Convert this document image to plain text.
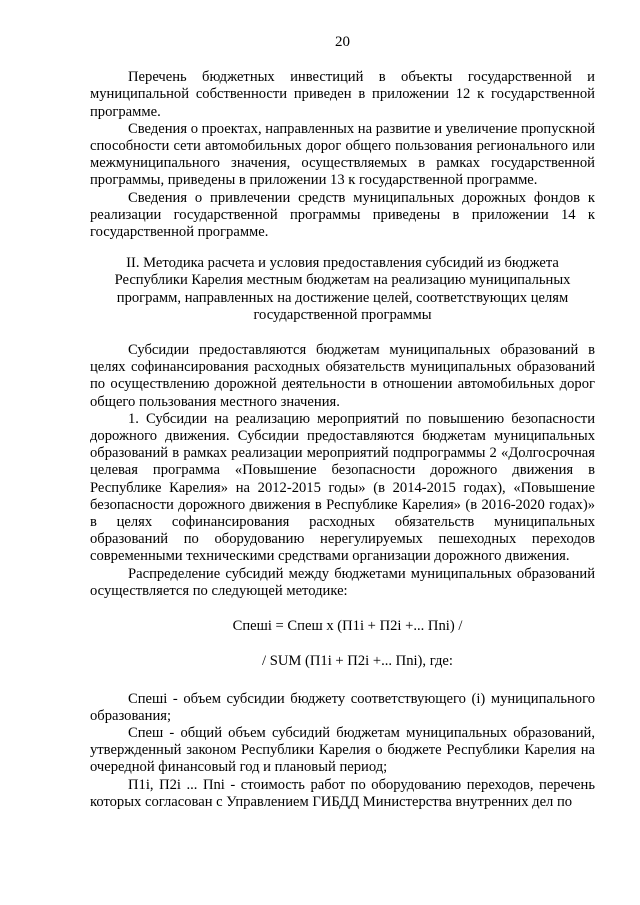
20

Перечень бюджетных инвестиций в объекты государственной и муниципальной собственности приведен в приложении 12 к государственной программе.

Сведения о проектах, направленных на развитие и увеличение пропускной способности сети автомобильных дорог общего пользования регионального или межмуниципального значения, осуществляемых в рамках государственной программы, приведены в приложении 13 к государственной программе.

Сведения о привлечении средств муниципальных дорожных фондов к реализации государственной программы приведены в приложении 14 к государственной программе.

II. Методика расчета и условия предоставления субсидий из бюджета
Республики Карелия местным бюджетам на реализацию муниципальных
программ, направленных на достижение целей, соответствующих целям
государственной программы

Субсидии предоставляются бюджетам муниципальных образований в целях софинансирования расходных обязательств муниципальных образований по осуществлению дорожной деятельности в отношении автомобильных дорог общего пользования местного значения.

1. Субсидии на реализацию мероприятий по повышению безопасности дорожного движения. Субсидии предоставляются бюджетам муниципальных образований в рамках реализации мероприятий подпрограммы 2 «Долгосрочная целевая программа «Повышение безопасности дорожного движения в Республике Карелия» на 2012-2015 годы» (в 2014-2015 годах), «Повышение безопасности дорожного движения в Республике Карелия» (в 2016-2020 годах)» в целях софинансирования расходных обязательств муниципальных образований по оборудованию нерегулируемых пешеходных переходов современными техническими средствами организации дорожного движения.

Распределение субсидий между бюджетами муниципальных образований осуществляется по следующей методике:

Спеші = Спеш х (П1i + П2i +... Пni) /

/ SUM (П1i + П2i +... Пni), где:

Спеші - объем субсидии бюджету соответствующего (i) муниципального образования;

Спеш - общий объем субсидий бюджетам муниципальных образований, утвержденный законом Республики Карелия о бюджете Республики Карелия на очередной финансовый год и плановый период;

П1i, П2i ... Пni - стоимость работ по оборудованию переходов, перечень которых согласован с Управлением ГИБДД Министерства внутренних дел по
